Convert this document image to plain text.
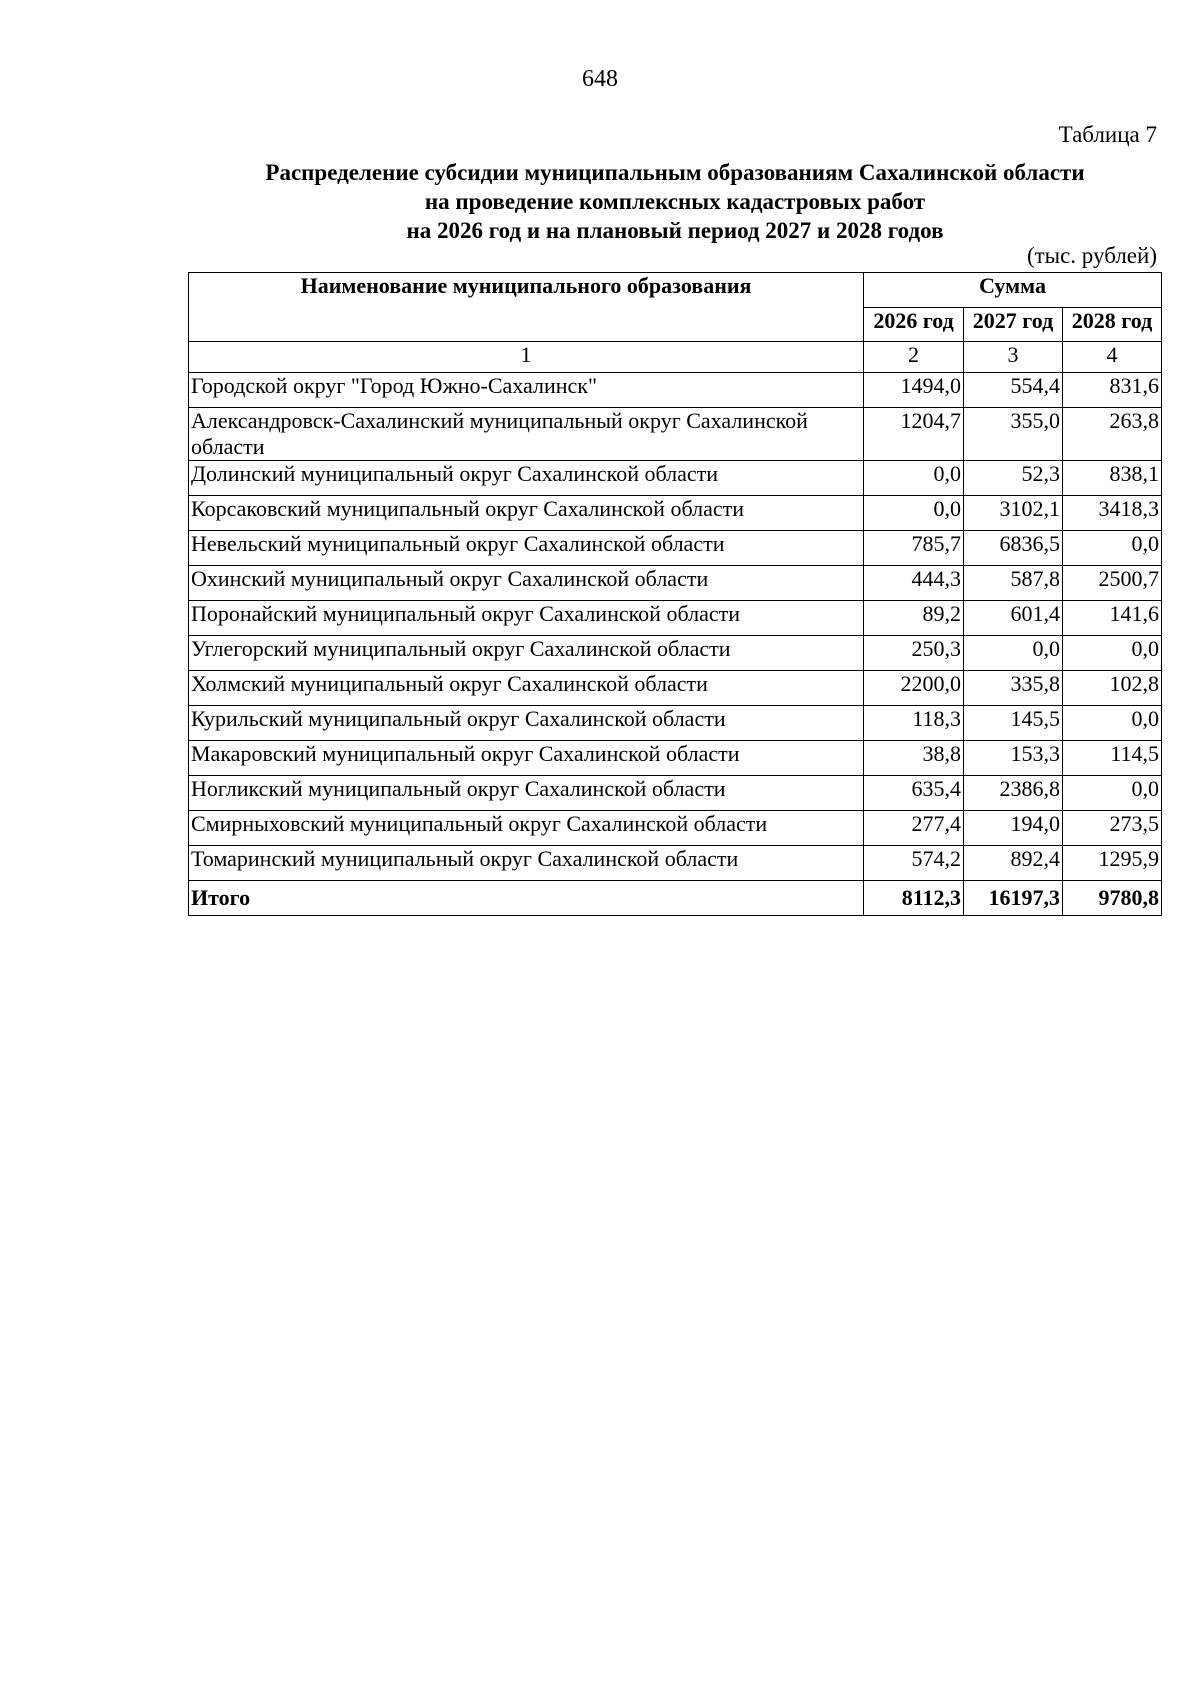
648
Таблица 7
Распределение субсидии муниципальным образованиям Сахалинской области
на проведение комплексных кадастровых работ
на 2026 год и на плановый период 2027 и 2028 годов
(тыс. рублей)
Наименование муниципального образования	Сумма		
	2026 год	2027 год	2028 год
1	2	3	4
Городской округ "Город Южно-Сахалинск"	1494,0	554,4	831,6
Александровск-Сахалинский муниципальный округ Сахалинской области	1204,7	355,0	263,8
Долинский муниципальный округ Сахалинской области	0,0	52,3	838,1
Корсаковский муниципальный округ Сахалинской области	0,0	3102,1	3418,3
Невельский муниципальный округ Сахалинской области	785,7	6836,5	0,0
Охинский муниципальный округ Сахалинской области	444,3	587,8	2500,7
Поронайский муниципальный округ Сахалинской области	89,2	601,4	141,6
Углегорский муниципальный округ Сахалинской области	250,3	0,0	0,0
Холмский муниципальный округ Сахалинской области	2200,0	335,8	102,8
Курильский муниципальный округ Сахалинской области	118,3	145,5	0,0
Макаровский муниципальный округ Сахалинской области	38,8	153,3	114,5
Ногликский муниципальный округ Сахалинской области	635,4	2386,8	0,0
Смирныховский муниципальный округ Сахалинской области	277,4	194,0	273,5
Томаринский муниципальный округ Сахалинской области	574,2	892,4	1295,9
Итого	8112,3	16197,3	9780,8
